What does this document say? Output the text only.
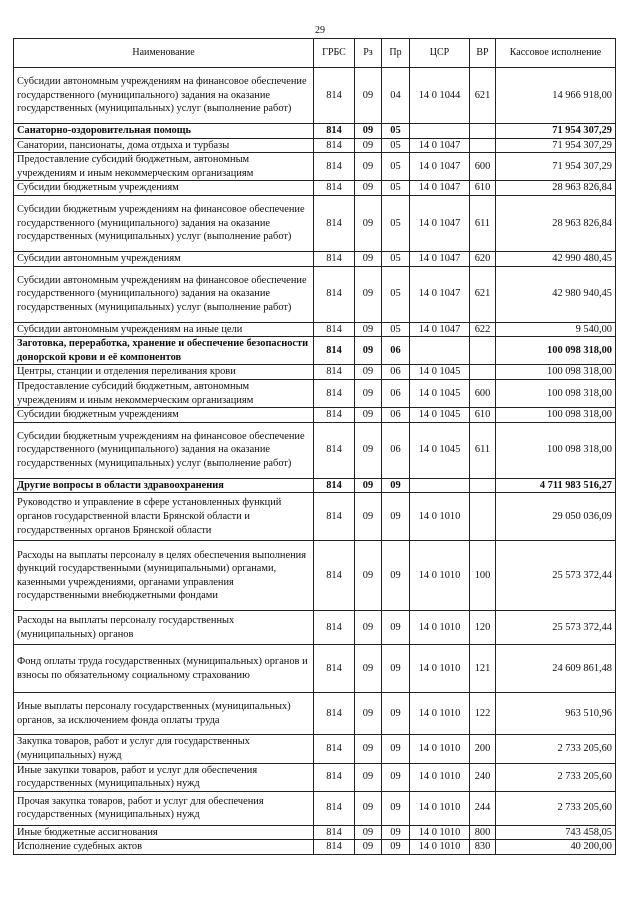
29
Наименование	ГРБС	Рз	Пр	ЦСР	ВР	Кассовое исполнение
Субсидии автономным учреждениям на финансовое обеспечение государственного (муниципального) задания на оказание государственных (муниципальных) услуг (выполнение работ)	814	09	04	14 0 1044	621	14 966 918,00
Санаторно-оздоровительная помощь	814	09	05			71 954 307,29
Санатории, пансионаты, дома отдыха и турбазы	814	09	05	14 0 1047		71 954 307,29
Предоставление субсидий бюджетным, автономным учреждениям и иным некоммерческим организациям	814	09	05	14 0 1047	600	71 954 307,29
Субсидии бюджетным учреждениям	814	09	05	14 0 1047	610	28 963 826,84
Субсидии бюджетным учреждениям на финансовое обеспечение государственного (муниципального) задания на оказание государственных (муниципальных) услуг (выполнение работ)	814	09	05	14 0 1047	611	28 963 826,84
Субсидии автономным учреждениям	814	09	05	14 0 1047	620	42 990 480,45
Субсидии автономным учреждениям на финансовое обеспечение государственного (муниципального) задания на оказание государственных (муниципальных) услуг (выполнение работ)	814	09	05	14 0 1047	621	42 980 940,45
Субсидии автономным учреждениям на иные цели	814	09	05	14 0 1047	622	9 540,00
Заготовка, переработка, хранение и обеспечение безопасности донорской крови и её компонентов	814	09	06			100 098 318,00
Центры, станции и отделения переливания крови	814	09	06	14 0 1045		100 098 318,00
Предоставление субсидий бюджетным, автономным учреждениям и иным некоммерческим организациям	814	09	06	14 0 1045	600	100 098 318,00
Субсидии бюджетным учреждениям	814	09	06	14 0 1045	610	100 098 318,00
Субсидии бюджетным учреждениям на финансовое обеспечение государственного (муниципального) задания на оказание государственных (муниципальных) услуг (выполнение работ)	814	09	06	14 0 1045	611	100 098 318,00
Другие вопросы в области здравоохранения	814	09	09			4 711 983 516,27
Руководство и управление в сфере установленных функций органов государственной власти Брянской области и государственных органов Брянской области	814	09	09	14 0 1010		29 050 036,09
Расходы на выплаты персоналу в целях обеспечения выполнения функций государственными (муниципальными) органами, казенными учреждениями, органами управления государственными внебюджетными фондами	814	09	09	14 0 1010	100	25 573 372,44
Расходы на выплаты персоналу государственных (муниципальных) органов	814	09	09	14 0 1010	120	25 573 372,44
Фонд оплаты труда государственных (муниципальных) органов и взносы по обязательному социальному страхованию	814	09	09	14 0 1010	121	24 609 861,48
Иные выплаты персоналу государственных (муниципальных) органов, за исключением фонда оплаты труда	814	09	09	14 0 1010	122	963 510,96
Закупка товаров, работ и услуг для государственных (муниципальных) нужд	814	09	09	14 0 1010	200	2 733 205,60
Иные закупки товаров, работ и услуг для обеспечения государственных (муниципальных) нужд	814	09	09	14 0 1010	240	2 733 205,60
Прочая закупка товаров, работ и услуг для обеспечения государственных (муниципальных) нужд	814	09	09	14 0 1010	244	2 733 205,60
Иные бюджетные ассигнования	814	09	09	14 0 1010	800	743 458,05
Исполнение судебных актов	814	09	09	14 0 1010	830	40 200,00
